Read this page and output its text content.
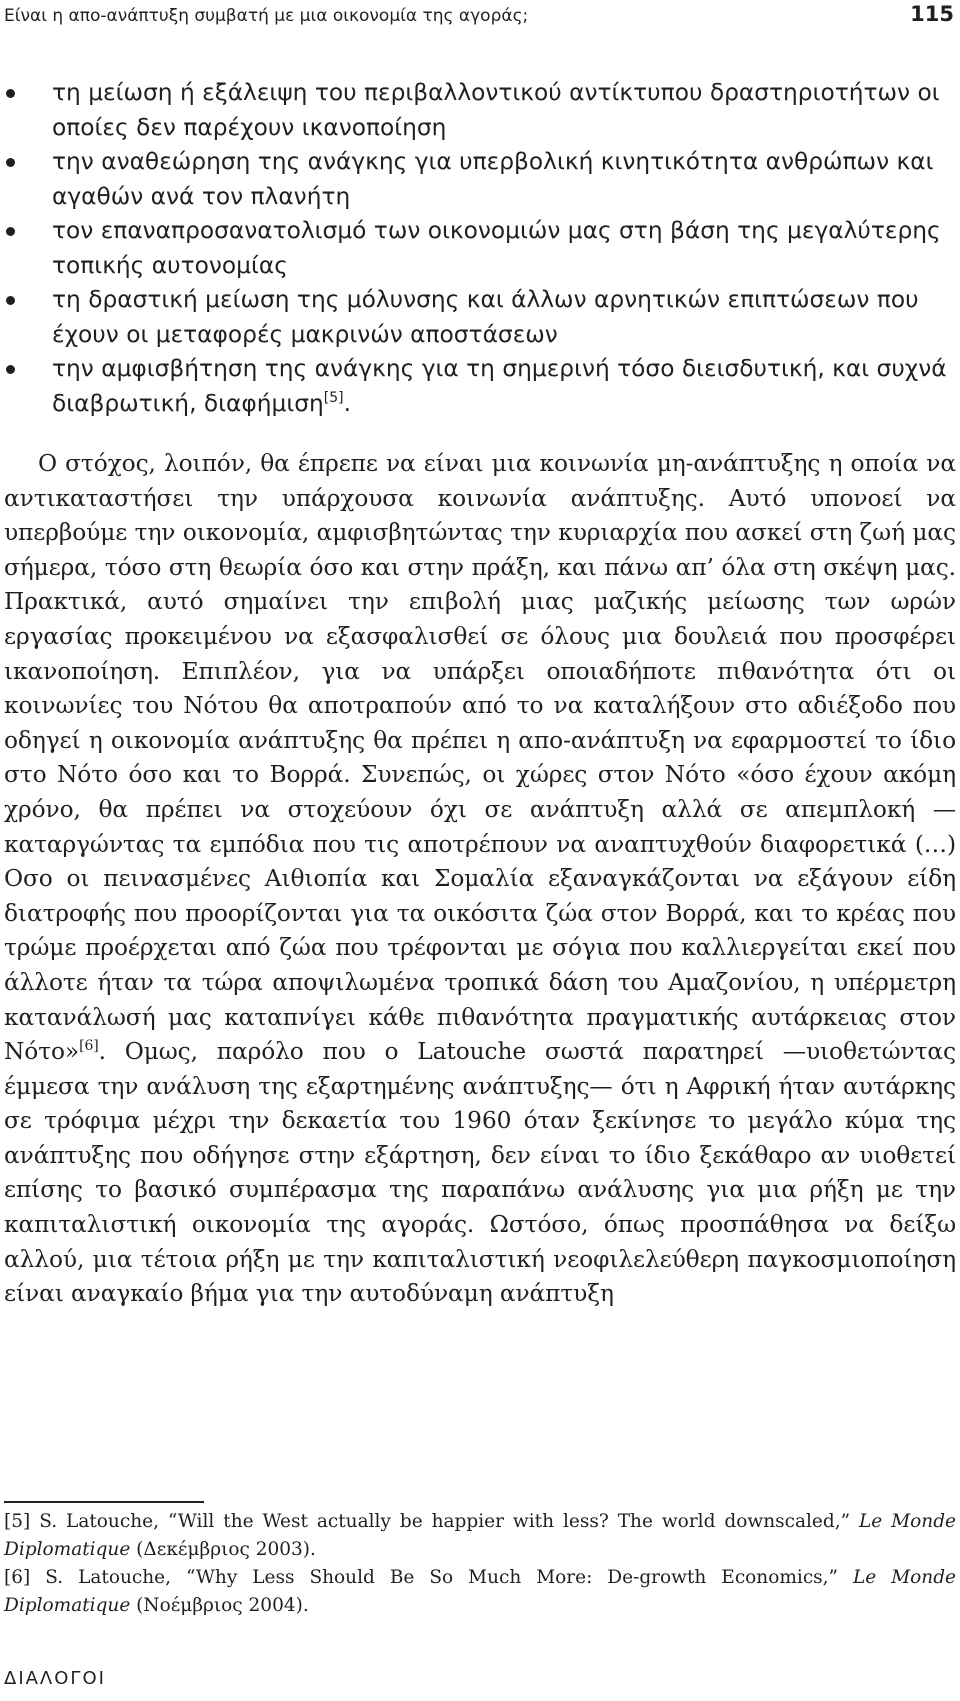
Είναι η απο-ανάπτυξη συμβατή με μια οικονομία της αγοράς;	115
τη μείωση ή εξάλειψη του περιβαλλοντικού αντίκτυπου δραστηριοτήτων οι οποίες δεν παρέχουν ικανοποίηση
την αναθεώρηση της ανάγκης για υπερβολική κινητικότητα ανθρώπων και αγαθών ανά τον πλανήτη
τον επαναπροσανατολισμό των οικονομιών μας στη βάση της μεγαλύτερης τοπικής αυτονομίας
τη δραστική μείωση της μόλυνσης και άλλων αρνητικών επιπτώσεων που έχουν οι μεταφορές μακρινών αποστάσεων
την αμφισβήτηση της ανάγκης για τη σημερινή τόσο διεισδυτική, και συχνά διαβρωτική, διαφήμιση[5].

Ο στόχος, λοιπόν, θα έπρεπε να είναι μια κοινωνία μη-ανάπτυξης η οποία να αντικαταστήσει την υπάρχουσα κοινωνία ανάπτυξης. Αυτό υπονοεί να υπερβούμε την οικονομία, αμφισβητώντας την κυριαρχία που ασκεί στη ζωή μας σήμερα, τόσο στη θεωρία όσο και στην πράξη, και πάνω απ’ όλα στη σκέψη μας. Πρακτικά, αυτό σημαίνει την επιβολή μιας μαζικής μείωσης των ωρών εργασίας προκειμένου να εξασφαλισθεί σε όλους μια δουλειά που προσφέρει ικανοποίηση. Επιπλέον, για να υπάρξει οποιαδήποτε πιθανότητα ότι οι κοινωνίες του Νότου θα αποτραπούν από το να καταλήξουν στο αδιέξοδο που οδηγεί η οικονομία ανάπτυξης θα πρέπει η απο-ανάπτυξη να εφαρμοστεί το ίδιο στο Νότο όσο και το Βορρά. Συνεπώς, οι χώρες στον Νότο «όσο έχουν ακόμη χρόνο, θα πρέπει να στοχεύουν όχι σε ανάπτυξη αλλά σε απεμπλοκή — καταργώντας τα εμπόδια που τις αποτρέπουν να αναπτυχθούν διαφορετικά (…) Οσο οι πεινασμένες Αιθιοπία και Σομαλία εξαναγκάζονται να εξάγουν είδη διατροφής που προορίζονται για τα οικόσιτα ζώα στον Βορρά, και το κρέας που τρώμε προέρχεται από ζώα που τρέφονται με σόγια που καλλιεργείται εκεί που άλλοτε ήταν τα τώρα αποψιλωμένα τροπικά δάση του Αμαζονίου, η υπέρμετρη κατανάλωσή μας καταπνίγει κάθε πιθανότητα πραγματικής αυτάρκειας στον Νότο»[6]. Ομως, παρόλο που ο Latouche σωστά παρατηρεί —υιοθετώντας έμμεσα την ανάλυση της εξαρτημένης ανάπτυξης— ότι η Αφρική ήταν αυτάρκης σε τρόφιμα μέχρι την δεκαετία του 1960 όταν ξεκίνησε το μεγάλο κύμα της ανάπτυξης που οδήγησε στην εξάρτηση, δεν είναι το ίδιο ξεκάθαρο αν υιοθετεί επίσης το βασικό συμπέρασμα της παραπάνω ανάλυσης για μια ρήξη με την καπιταλιστική οικονομία της αγοράς. Ωστόσο, όπως προσπάθησα να δείξω αλλού, μια τέτοια ρήξη με την καπιταλιστική νεοφιλελεύθερη παγκοσμιοποίηση είναι αναγκαίο βήμα για την αυτοδύναμη ανάπτυξη

[5] S. Latouche, “Will the West actually be happier with less? The world downscaled,” Le Monde Diplomatique (Δεκέμβριος 2003).
[6] S. Latouche, “Why Less Should Be So Much More: De-growth Economics,” Le Monde Diplomatique (Νοέμβριος 2004).
ΔΙΑΛΟΓΟΙ
